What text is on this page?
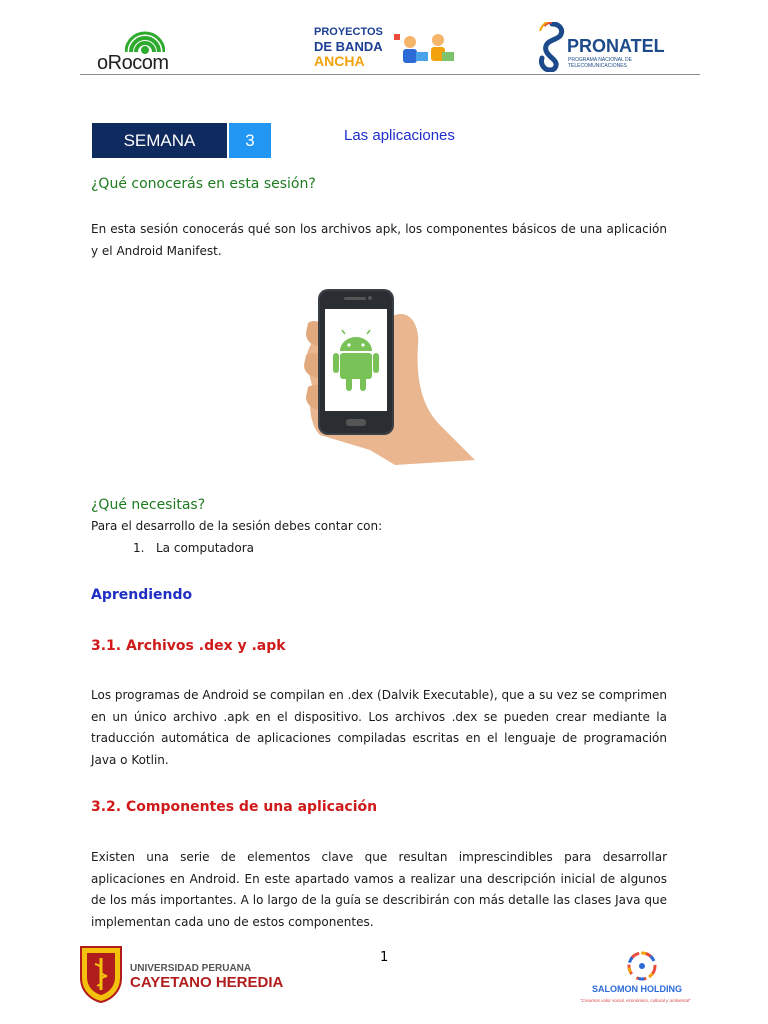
oRocom
PROYECTOS
DE BANDA
ANCHA
PRONATEL
PROGRAMA NACIONAL DE
TELECOMUNICACIONES
SEMANA	3	Las aplicaciones
¿Qué conocerás en esta sesión?
En esta sesión conocerás qué son los archivos apk, los componentes básicos de una aplicación y el Android Manifest.
¿Qué necesitas?
Para el desarrollo de la sesión debes contar con:
1. La computadora
Aprendiendo
3.1. Archivos .dex y .apk
Los programas de Android se compilan en .dex (Dalvik Executable), que a su vez se comprimen en un único archivo .apk en el dispositivo. Los archivos .dex se pueden crear mediante la traducción automática de aplicaciones compiladas escritas en el lenguaje de programación Java o Kotlin.
3.2. Componentes de una aplicación
Existen una serie de elementos clave que resultan imprescindibles para desarrollar aplicaciones en Android. En este apartado vamos a realizar una descripción inicial de algunos de los más importantes. A lo largo de la guía se describirán con más detalle las clases Java que implementan cada uno de estos componentes.
1
UNIVERSIDAD PERUANA
CAYETANO HEREDIA	SALOMON HOLDING
"Creamos valor social, económico, cultural y ambiental"
